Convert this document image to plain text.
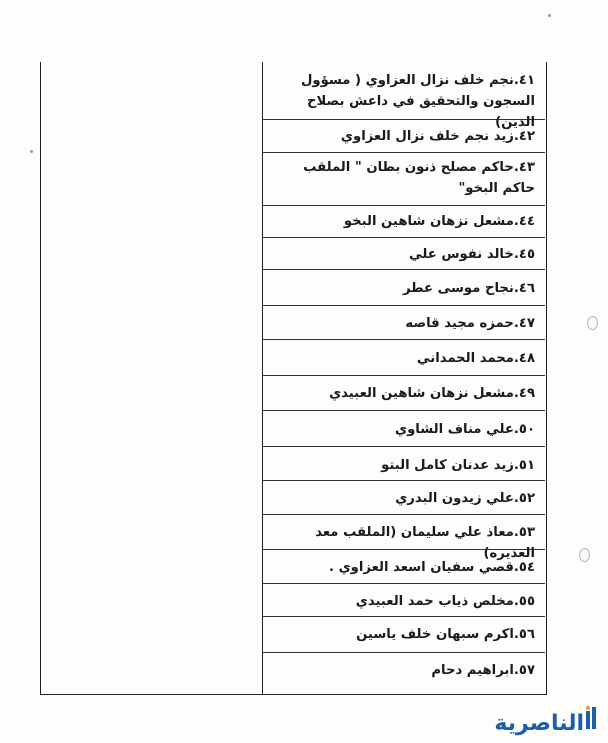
٤١.نجم خلف نزال العزاوي ( مسؤول السجون والتحقيق في داعش بصلاح الدين)
٤٢.زيد نجم خلف نزال العزاوي
٤٣.حاكم مصلح ذنون بطان " الملقب حاكم البخو"
٤٤.مشعل نزهان شاهين البخو
٤٥.خالد نفوس علي
٤٦.نجاح موسى عطر
٤٧.حمزه مجيد قاصه
٤٨.محمد الحمداني
٤٩.مشعل نزهان شاهين العبيدي
٥٠.علي مناف الشاوي
٥١.زيد عدنان كامل البتو
٥٢.علي زيدون البدري
٥٣.معاذ علي سليمان (الملقب معد العذيره)
٥٤.قصي سفيان اسعد العزاوي .
٥٥.مخلص ذياب حمد العبيدي
٥٦.اكرم سبهان خلف ياسين
٥٧.ابراهيم دحام
الناصرية
